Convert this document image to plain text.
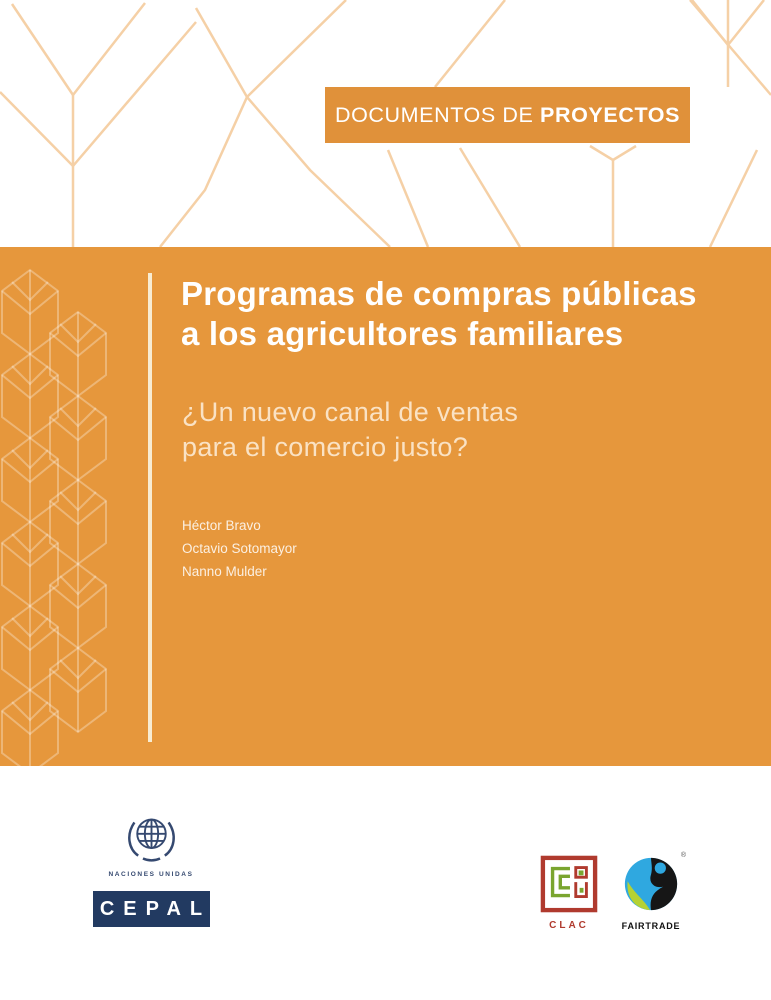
DOCUMENTOS DE PROYECTOS
Programas de compras públicas
a los agricultores familiares
¿Un nuevo canal de ventas
para el comercio justo?
Héctor Bravo
Octavio Sotomayor
Nanno Mulder
NACIONES UNIDAS
CEPAL
CLAC
®
FAIRTRADE
